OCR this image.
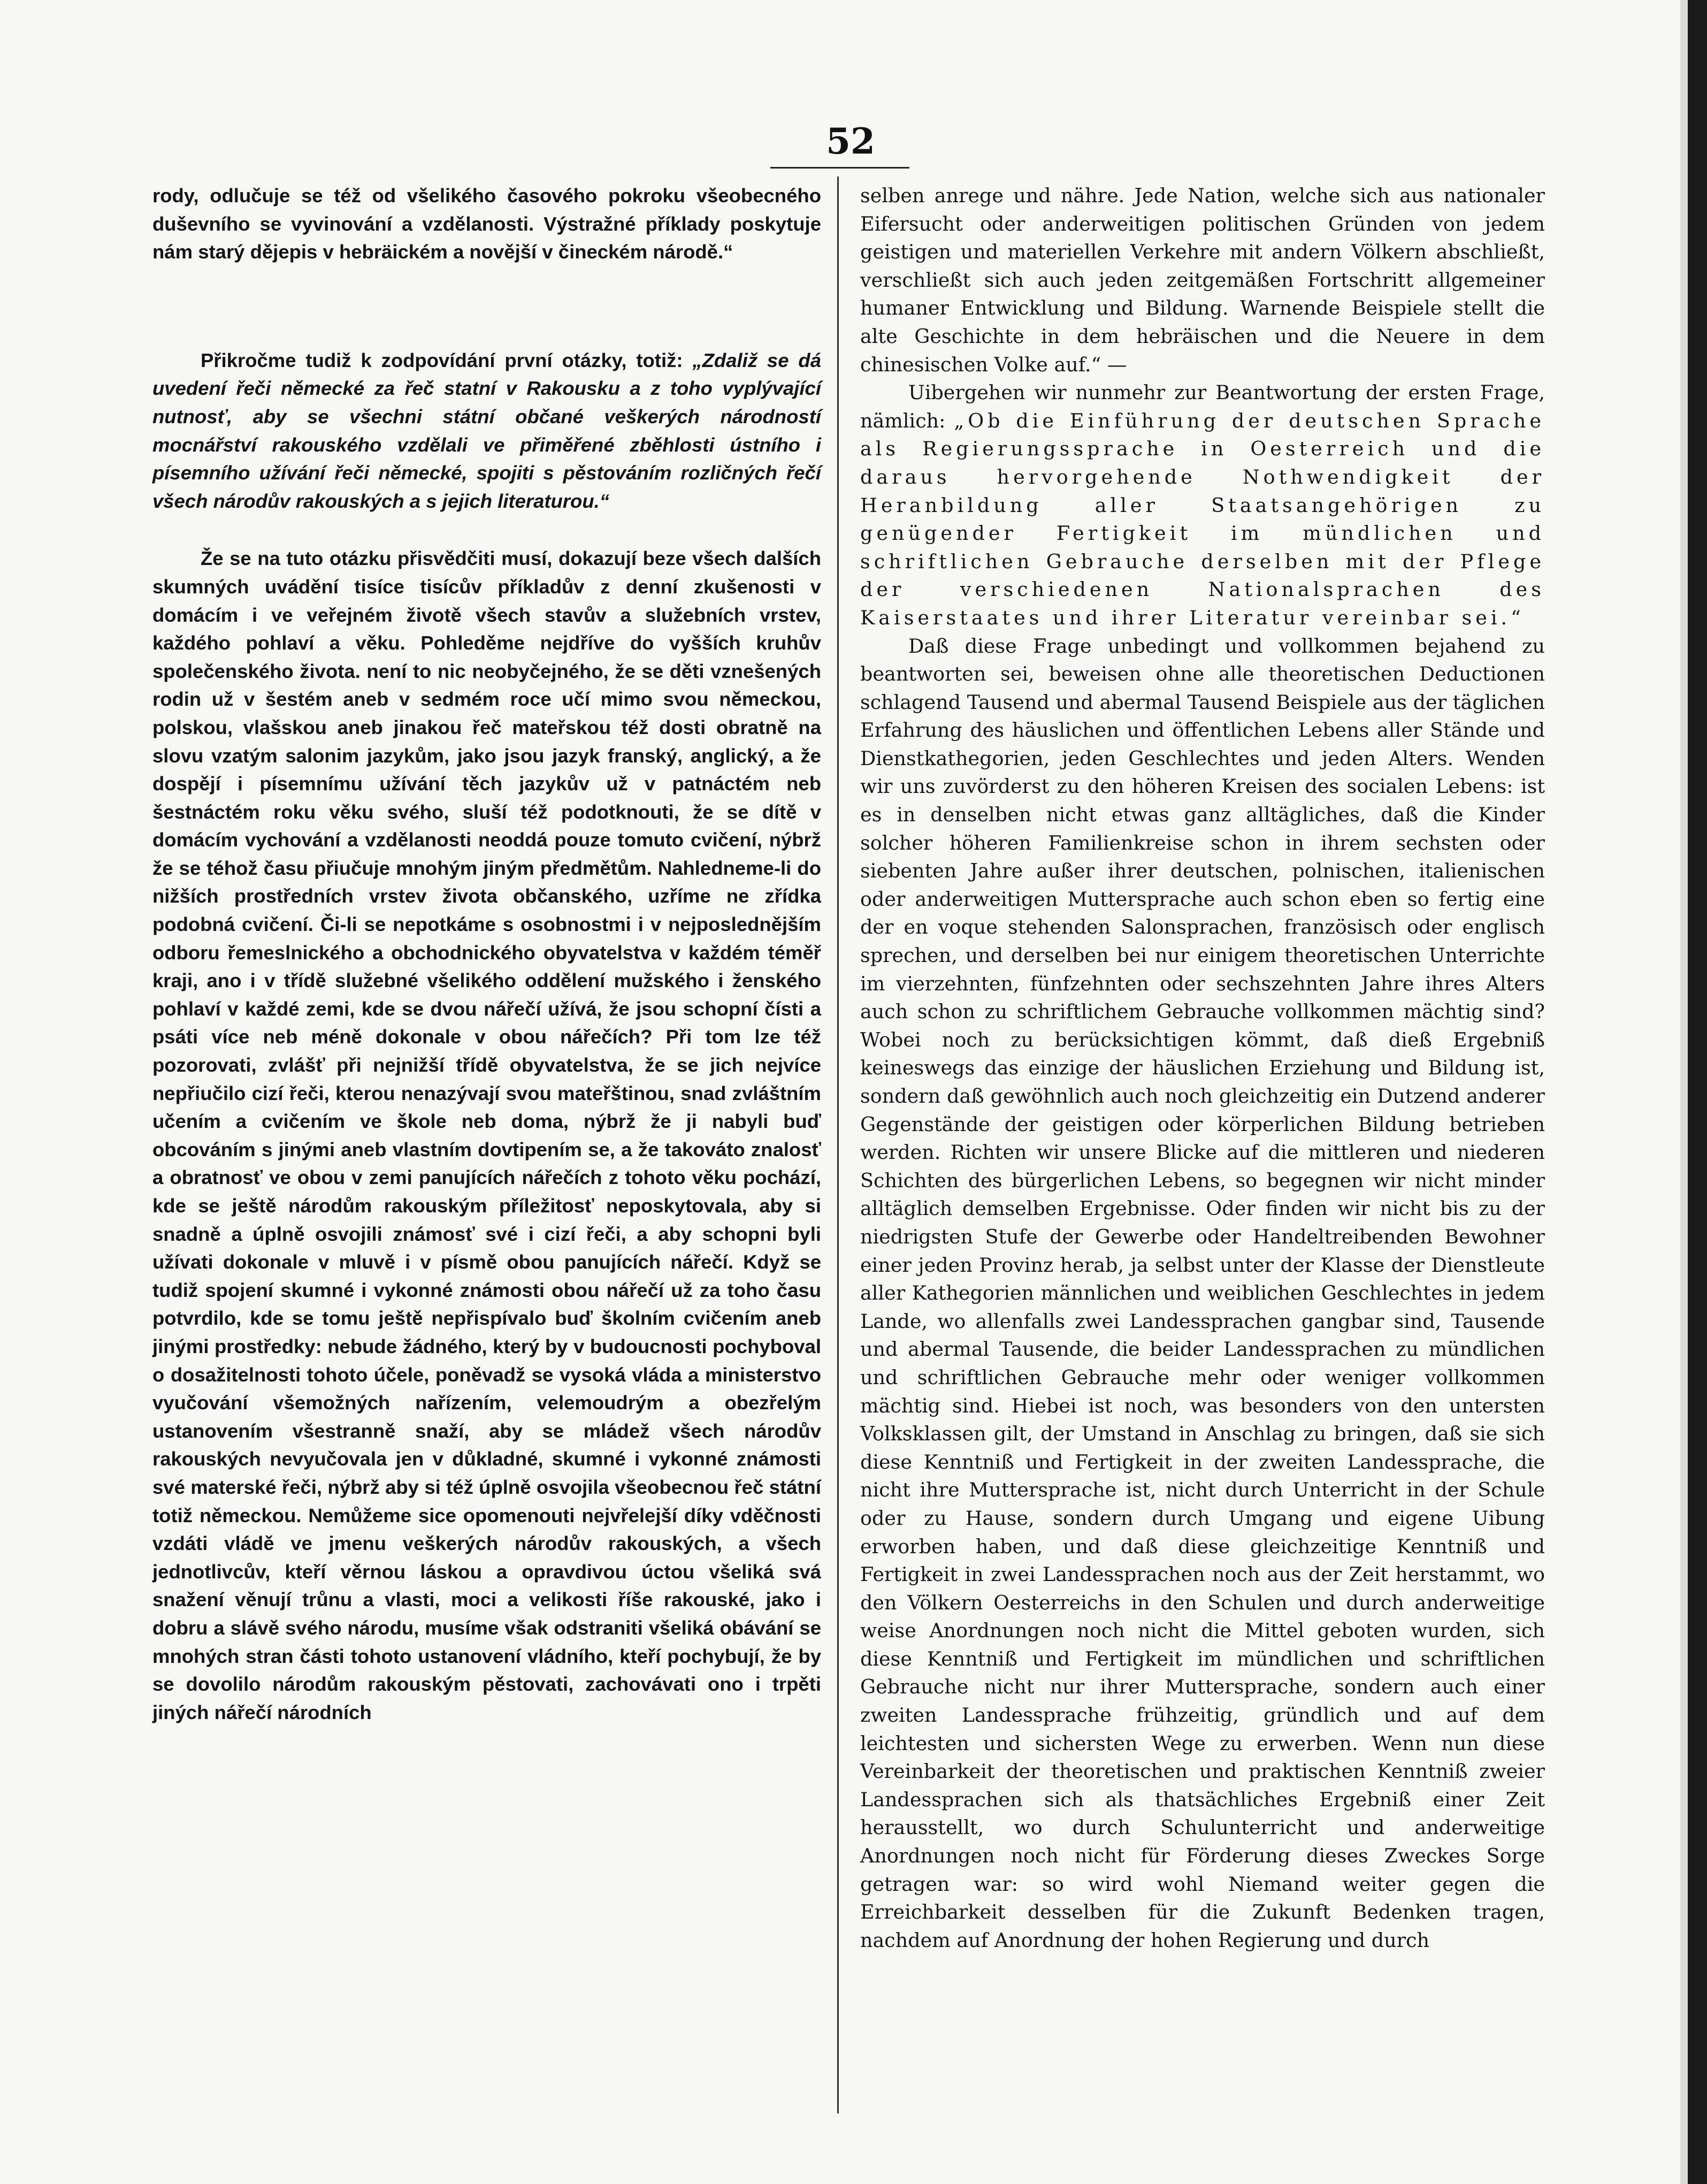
52

rody, odlučuje se též od všelikého časového pokroku všeobecného duševního se vyvinování a vzdělanosti. Výstražné příklady poskytuje nám starý dějepis v hebräickém a novější v čineckém národě.“

Přikročme tudiž k zodpovídání první otázky, totiž: „Zdaliž se dá uvedení řeči německé za řeč statní v Rakousku a z toho vyplývající nutnosť, aby se všechni státní občané veškerých národností mocnářství rakouského vzdělali ve přiměřené zběhlosti ústního i písemního užívání řeči německé, spojiti s pěstováním rozličných řečí všech národův rakouských a s jejich literaturou.“

Že se na tuto otázku přisvědčiti musí, dokazují beze všech dalších skumných uvádění tisíce tisícův příkladův z denní zkušenosti v domácím i ve veřejném životě všech stavův a služebních vrstev, každého pohlaví a věku. Pohleděme nejdříve do vyšších kruhův společenského života. není to nic neobyčejného, že se děti vznešených rodin už v šestém aneb v sedmém roce učí mimo svou německou, polskou, vlašskou aneb jinakou řeč mateřskou též dosti obratně na slovu vzatým salonim jazykům, jako jsou jazyk franský, anglický, a že dospějí i písemnímu užívání těch jazykův už v patnáctém neb šestnáctém roku věku svého, sluší též podotknouti, že se dítě v domácím vychování a vzdělanosti neoddá pouze tomuto cvičení, nýbrž že se téhož času přiučuje mnohým jiným předmětům. Nahledneme-li do nižších prostředních vrstev života občanského, uzříme ne zřídka podobná cvičení. Či-li se nepotkáme s osobnostmi i v nejposlednějším odboru řemeslnického a obchodnického obyvatelstva v každém téměř kraji, ano i v třídě služebné všelikého oddělení mužského i ženského pohlaví v každé zemi, kde se dvou nářečí užívá, že jsou schopní čísti a psáti více neb méně dokonale v obou nářečích? Při tom lze též pozorovati, zvlášť při nejnižší třídě obyvatelstva, že se jich nejvíce nepřiučilo cizí řeči, kterou nenazývají svou mateřštinou, snad zvláštním učením a cvičením ve škole neb doma, nýbrž že ji nabyli buď obcováním s jinými aneb vlastním dovtipením se, a že takováto znalosť a obratnosť ve obou v zemi panujících nářečích z tohoto věku pochází, kde se ještě národům rakouským příležitosť neposkytovala, aby si snadně a úplně osvojili známosť své i cizí řeči, a aby schopni byli užívati dokonale v mluvě i v písmě obou panujících nářečí. Když se tudiž spojení skumné i vykonné známosti obou nářečí už za toho času potvrdilo, kde se tomu ještě nepřispívalo buď školním cvičením aneb jinými prostředky: nebude žádného, který by v budoucnosti pochyboval o dosažitelnosti tohoto účele, poněvadž se vysoká vláda a ministerstvo vyučování všemožných nařízením, velemoudrým a obezřelým ustanovením všestranně snaží, aby se mládež všech národův rakouských nevyučovala jen v důkladné, skumné i vykonné známosti své materské řeči, nýbrž aby si též úplně osvojila všeobecnou řeč státní totiž německou. Nemůžeme sice opomenouti nejvřelejší díky vděčnosti vzdáti vládě ve jmenu veškerých národův rakouských, a všech jednotlivcův, kteří věrnou láskou a opravdivou úctou všeliká svá snažení věnují trůnu a vlasti, moci a velikosti říše rakouské, jako i dobru a slávě svého národu, musíme však odstraniti všeliká obávání se mnohých stran části tohoto ustanovení vládního, kteří pochybují, že by se dovolilo národům rakouským pěstovati, zachovávati ono i trpěti jiných nářečí národních

selben anrege und nähre. Jede Nation, welche sich aus nationaler Eifersucht oder anderweitigen politischen Gründen von jedem geistigen und materiellen Verkehre mit andern Völkern abschließt, verschließt sich auch jeden zeitgemäßen Fortschritt allgemeiner humaner Entwicklung und Bildung. Warnende Beispiele stellt die alte Geschichte in dem hebräischen und die Neuere in dem chinesischen Volke auf.“ —

Uibergehen wir nunmehr zur Beantwortung der ersten Frage, nämlich: „Ob die Einführung der deutschen Sprache als Regierungssprache in Oesterreich und die daraus hervorgehende Nothwendigkeit der Heranbildung aller Staatsangehörigen zu genügender Fertigkeit im mündlichen und schriftlichen Gebrauche derselben mit der Pflege der verschiedenen Nationalsprachen des Kaiserstaates und ihrer Literatur vereinbar sei.“

Daß diese Frage unbedingt und vollkommen bejahend zu beantworten sei, beweisen ohne alle theoretischen Deductionen schlagend Tausend und abermal Tausend Beispiele aus der täglichen Erfahrung des häuslichen und öffentlichen Lebens aller Stände und Dienstkathegorien, jeden Geschlechtes und jeden Alters. Wenden wir uns zuvörderst zu den höheren Kreisen des socialen Lebens: ist es in denselben nicht etwas ganz alltägliches, daß die Kinder solcher höheren Familienkreise schon in ihrem sechsten oder siebenten Jahre außer ihrer deutschen, polnischen, italienischen oder anderweitigen Muttersprache auch schon eben so fertig eine der en voque stehenden Salonsprachen, französisch oder englisch sprechen, und derselben bei nur einigem theoretischen Unterrichte im vierzehnten, fünfzehnten oder sechszehnten Jahre ihres Alters auch schon zu schriftlichem Gebrauche vollkommen mächtig sind? Wobei noch zu berücksichtigen kömmt, daß dieß Ergebniß keineswegs das einzige der häuslichen Erziehung und Bildung ist, sondern daß gewöhnlich auch noch gleichzeitig ein Dutzend anderer Gegenstände der geistigen oder körperlichen Bildung betrieben werden. Richten wir unsere Blicke auf die mittleren und niederen Schichten des bürgerlichen Lebens, so begegnen wir nicht minder alltäglich demselben Ergebnisse. Oder finden wir nicht bis zu der niedrigsten Stufe der Gewerbe oder Handeltreibenden Bewohner einer jeden Provinz herab, ja selbst unter der Klasse der Dienstleute aller Kathegorien männlichen und weiblichen Geschlechtes in jedem Lande, wo allenfalls zwei Landessprachen gangbar sind, Tausende und abermal Tausende, die beider Landessprachen zu mündlichen und schriftlichen Gebrauche mehr oder weniger vollkommen mächtig sind. Hiebei ist noch, was besonders von den untersten Volksklassen gilt, der Umstand in Anschlag zu bringen, daß sie sich diese Kenntniß und Fertigkeit in der zweiten Landessprache, die nicht ihre Muttersprache ist, nicht durch Unterricht in der Schule oder zu Hause, sondern durch Umgang und eigene Uibung erworben haben, und daß diese gleichzeitige Kenntniß und Fertigkeit in zwei Landessprachen noch aus der Zeit herstammt, wo den Völkern Oesterreichs in den Schulen und durch anderweitige weise Anordnungen noch nicht die Mittel geboten wurden, sich diese Kenntniß und Fertigkeit im mündlichen und schriftlichen Gebrauche nicht nur ihrer Muttersprache, sondern auch einer zweiten Landessprache frühzeitig, gründlich und auf dem leichtesten und sichersten Wege zu erwerben. Wenn nun diese Vereinbarkeit der theoretischen und praktischen Kenntniß zweier Landessprachen sich als thatsächliches Ergebniß einer Zeit herausstellt, wo durch Schulunterricht und anderweitige Anordnungen noch nicht für Förderung dieses Zweckes Sorge getragen war: so wird wohl Niemand weiter gegen die Erreichbarkeit desselben für die Zukunft Bedenken tragen, nachdem auf Anordnung der hohen Regierung und durch
